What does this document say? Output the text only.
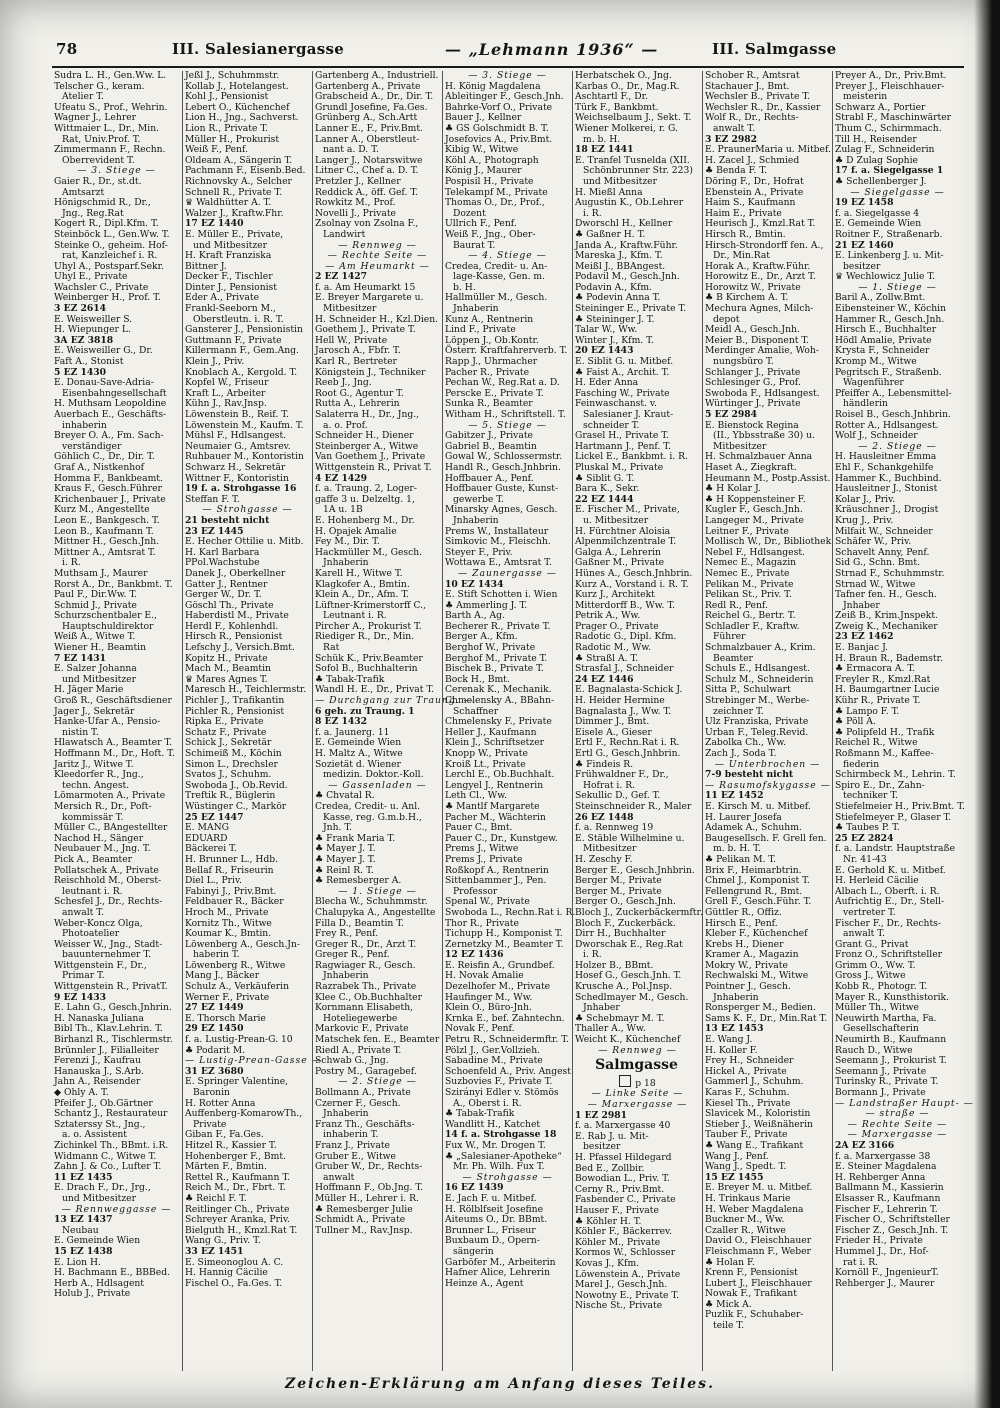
78	III. Salesianergasse	— „Lehmann 1936“ —	III. Salmgasse
Sudra L. H., Gen.Ww. L.
Telscher G., keram.
Atelier T.
Ufeatu S., Prof., Wehrin.
Wagner J., Lehrer
Wittmaier L., Dr., Min.
Rat, Univ.Prof. T.
Zimmermann F., Rechn.
Oberrevident T.
— 3. Stiege —
Gaier R., Dr., st.dt.
Amtsarzt
Hönigschmid R., Dr.,
Jng., Reg.Rat
Kogert R., Dipl.Kfm. T.
Steinböck L., Gen.Ww. T.
Steinke O., geheim. Hof-
rat, Kanzleichef i. R.
Uhyl A., Postsparf.Sekr.
Uhyl E., Private
Wachsler C., Private
Weinberger H., Prof. T.
3 EZ 2614
E. Weisweiller S.
H. Wiepunger L.
3A EZ 3818
E. Weisweiller G., Dr.
Faft A., Stonist
5 EZ 1430
E. Donau-Save-Adria-
Eisenbahngesellschaft
H. Muthsam Leopoldine
Auerbach E., Geschäfts-
inhaberin
Breyer O. A., Fm. Sach-
verständiger
Göhlich C., Dr., Dir. T.
Graf A., Nistkenhof
Homma F., Bankbeamt.
Kraus F., Gesch.Führer
Krichenbauer J., Private
Kurz M., Angestellte
Leon E., Bankgesch. T.
Leon B., Kaufmann T.
Mittner H., Gesch.Jnh.
Mittner A., Amtsrat T.
i. R.
Muthsam J., Maurer
Rorst A., Dr., Bankbmt. T.
Paul F., Dir.Ww. T.
Schmid J., Private
Schurzschentbaler E.,
Hauptschuldirektor
Weiß A., Witwe T.
Wiener H., Beamtin
7 EZ 1431
E. Salzer Johanna
und Mitbesitzer
H. Jäger Marie
Groß R., Geschäftsdiener
Jager J., Sekretär
Hanke-Ufar A., Pensio-
nistin T.
Hlawatsch A., Beamter T.
Hoffmann M., Dr., Hoft. T.
Jaritz J., Witwe T.
Kleedorfer R., Jng.,
techn. Angest.
Lömarmoten A., Private
Mersich R., Dr., Poft-
kommissär T.
Müller C., BAngestellter
Nachod H., Sänger
Neubauer M., Jng. T.
Pick A., Beamter
Pollatschek A., Private
Reischhold M., Oberst-
leutnant i. R.
Schesfel J., Dr., Rechts-
anwalt T.
Weber-Koncz Olga,
Photoatelier
Weisser W., Jng., Stadt-
bauunternehmer T.
Wittgenstein F., Dr.,
Primar T.
Wittgenstein R., PrivatT.
9 EZ 1433
E. Lahn G., Gesch.Jnhrin.
H. Nanaska Juliana
Bibl Th., Klav.Lehrin. T.
Birhanzl R., Tischlermstr.
Brünnler J., Filialleiter
Ferenzi J., Kaufrau
Hanauska J., S.Arb.
Jahn A., Reisender
◆ Ohly A. T.
Pfeifer J., Ob.Gärtner
Schantz J., Restaurateur
Sztaterssy St., Jng.,
a. o. Assistent
Zichinkel Th., BBmt. i.R.
Widmann C., Witwe T.
Zahn J. & Co., Lufter T.
11 EZ 1435
E. Drach F., Dr., Jrg.,
und Mitbesitzer
— Rennweggasse —
13 EZ 1437
Neubau
E. Gemeinde Wien
15 EZ 1438
E. Lion H.
H. Bachmann E., BBBed.
Herb A., Hdlsagent
Holub J., Private
Jeßl J., Schuhmmstr.
Kollab J., Hotelangest.
Kohl J., Pensionist
Lebert O., Küchenchef
Lion H., Jng., Sachverst.
Lion R., Private T.
Müller H., Prokurist
Weiß F., Penf.
Oldeam A., Sängerin T.
Pachmann F., Eisenb.Bed.
Richnovsky A., Selcher
Schnell R., Private T.
♛ Waldhütter A. T.
Walzer J., Kraftw.Fhr.
17 EZ 1440
E. Müller E., Private,
und Mitbesitzer
H. Kraft Franziska
Bittner J.
Decker F., Tischler
Dinter J., Pensionist
Eder A., Private
Frankl-Seeborn M.,
Oberstleutn. i. R. T.
Gansterer J., Pensionistin
Guttmann F., Private
Killermann F., Gem.Ang.
Klein J., Priv.
Knoblach A., Kergold. T.
Kopfel W., Friseur
Kraft L., Arbeiter
Kühn J., Rav.Jnsp.
Löwenstein B., Reif. T.
Löwenstein M., Kaufm. T.
Mühsl F., Hdlsangest.
Neumaier G., Amtsrev.
Ruhbauer M., Kontoristin
Schwarz H., Sekretär
Wittner F., Kontoristin
19 f. a. Strohgasse 16
Steffan F. T.
— Strohgasse —
21 besteht nicht
23 EZ 1445
E. Hecher Ottilie u. Mitb.
H. Karl Barbara
ΡΡol.Wachstube
Danek J., Oberkellner
Gatter J., Rentner
Gerger W., Dr. T.
Göschl Th., Private
Haberdistl M., Private
Herdl F., Kohlenhdl.
Hirsch R., Pensionist
Lefschy J., Versich.Bmt.
Kopitz H., Private
Mach M., Beamtin
♛ Mares Agnes T.
Maresch H., Teichlermstr.
Pichler J., Trafikantin
Pichler R., Pensionist
Ripka E., Private
Schatz F., Private
Schick J., Sekretär
Schimeiß M., Köchin
Simon L., Drechsler
Svatos J., Schuhm.
Swoboda J., Ob.Revid.
Treftik R., Büglerin
Wüstinger C., Markör
25 EZ 1447
E. MANG
EDUARD
Bäckerei T.
H. Brunner L., Hdb.
Bellaf R., Friseurin
Diel L., Priv.
Fabinyi J., Priv.Bmt.
Feldbauer R., Bäcker
Hroch M., Private
Kornitz Th., Witwe
Koumar K., Bmtin.
Löwenberg A., Gesch.Jn-
haberin T.
Löwenberg R., Witwe
Mang J., Bäcker
Schulz A., Verkäuferin
Werner F., Private
27 EZ 1449
E. Thorsch Marie
29 EZ 1450
f. a. Lustig-Prean-G. 10
♣ Podarit M.
— Lustig-Prean-Gasse —
31 EZ 3680
E. Springer Valentine,
Baronin
H. Rotter Anna
Auffenberg-KomarowTh.,
Private
Giban F., Fa.Ges.
Hitzel R., Kassier T.
Hohenberger F., Bmt.
Märten F., Bmtin.
Rettel R., Kaufmann T.
Reich M., Dr., Fbrt. T.
♣ Reichl F. T.
Reitlinger Ch., Private
Schreyer Aranka, Priv.
Bielguth H., Kmzl.Rat T.
Wang G., Priv. T.
33 EZ 1451
E. Simeonoglou A. C.
H. Hannig Cäcilie
Fischel O., Fa.Ges. T.
Gartenberg A., Industriell.
Gartenberg A., Private
Grabscheid A., Dr., Dir. T.
Grundl Josefine, Fa.Ges.
Grünberg A., Sch.Artt
Lanner E., F., Priv.Bmt.
Lanner A., Oberstleut-
nant a. D. T.
Langer J., Notarswitwe
Litner C., Chef a. D. T.
Pretzler J., Kellner
Reddick A., öff. Gef. T.
Rowkitz M., Prof.
Novelli J., Private
Zsolnay von Zsolna F.,
Landwirt
— Rennweg —
— Rechte Seite —
— Am Heumarkt —
2 EZ 1427
f. a. Am Heumarkt 15
E. Breyer Margarete u.
Mitbesitzer
H. Schneider H., Kzl.Dien.
Goethem J., Private T.
Hell W., Private
Jarosch A., Fbfr. T.
Karl R., Bertreter
Königstein J., Techniker
Reeb J., Jng.
Root G., Agentur T.
Rutta A., Lehrerin
Salaterra H., Dr., Jng.,
a. o. Prof.
Schneider H., Diener
Steinberger A., Witwe
Van Goethem J., Private
Wittgenstein R., Privat T.
4 EZ 1429
f. a. Traung. 2, Loger-
gaffe 3 u. Delzeltg. 1,
1A u. 1B
E. Hohenberg M., Dr.
H. Opajek Amalie
Fey M., Dir. T.
Hackmüller M., Gesch.
Jnhaberin
Karell H., Witwe T.
Klagkofer A., Bmtin.
Klein A., Dr., Afm. T.
Lüftner-Krimerstorff C.,
Leutnant i. R.
Pircher A., Prokurist T.
Riediger R., Dr., Min.
Rat
Schük K., Priv.Beamter
Sofol B., Buchhalterin
♣ Tabak-Trafik
Wandl H. E., Dr., Privat T.
— Durchgang zur Traung. —
6 geh. zu Traung. 1
8 EZ 1432
f. a. Jaunerg. 11
E. Gemeinde Wien
H. Maltz A., Witwe
Sozietät d. Wiener
medizin. Doktor.-Koll.
— Gassenladen —
♣ Chvatal R.
Credea, Credit- u. Anl.
Kasse, reg. G.m.b.H.,
Jnh. T.
♣ Frank Maria T.
♣ Mayer J. T.
♣ Mayer J. T.
♣ Reinl R. T.
♣ Remesberger A.
— 1. Stiege —
Blecha W., Schuhmmstr.
Chalupyka A., Angestellte
Filla D., Beamtin T.
Frey R., Penf.
Greger R., Dr., Arzt T.
Greger R., Penf.
Ragwiager R., Gesch.
Jnhaberin
Razrabek Th., Private
Klee C., Ob.Buchhalter
Kornmann Elisabeth,
Hoteliegewerbe
Markovic F., Private
Matschek fen. E., Beamter
Riedl A., Private T.
Schwab G., Jng.
Postry M., Garagebef.
— 2. Stiege —
Bollmann A., Private
Czerner F., Gesch.
Jnhaberin
Franz Th., Geschäfts-
inhaberin T.
Franz J., Private
Gruber E., Witwe
Gruber W., Dr., Rechts-
anwalt
Hoffmann F., Ob.Jng. T.
Müller H., Lehrer i. R.
♣ Remesberger Julie
Schmidt A., Private
Tullner M., Rav.Jnsp.
— 3. Stiege —
H. König Magdalena
Ableitinger F., Gesch.Jnh.
Bahrke-Vorf O., Private
Bauer J., Kellner
♣ GS Golschmidt B. T.
Josefovics A., Priv.Bmt.
Kibig W., Witwe
Köhl A., Photograph
König J., Maurer
Pospisil H., Private
Telekampf M., Private
Thomas O., Dr., Prof.,
Dozent
Ullrich F., Penf.
Weiß F., Jng., Ober-
Baurat T.
— 4. Stiege —
Credea, Credit- u. An-
lage-Kasse, Gen. m.
b. H.
Hallmüller M., Gesch.
Jnhaberin
Kunz A., Rentnerin
Lind F., Private
Löppen J., Ob.Kontr.
Österr. Kraftfahrerverb. T.
Rapp J., Uhrmacher
Pacher R., Private
Pechan W., Reg.Rat a. D.
Perscke E., Private T.
Sunka R., Beamter
Witham H., Schriftstell. T.
— 5. Stiege —
Gabitzer J., Private
Gabriel B., Beamtin
Gowal W., Schlossermstr.
Handl R., Gesch.Jnhbrin.
Hoffbauer A., Penf.
Hoffbauer Guste, Kunst-
gewerbe T.
Minarsky Agnes, Gesch.
Jnhaberin
Prems W., Installateur
Simkovic M., Fleischh.
Steyer F., Priv.
Wottawa E., Amtsrat T.
— Zaunergasse —
10 EZ 1434
E. Stift Schotten i. Wien
♣ Ammerling J. T.
Barth A., Ag.
Becherer R., Private T.
Berger A., Kfm.
Berghof W., Private
Berghof M., Private T.
Bischek B., Private T.
Bock H., Bmt.
Cerenak K., Mechanik.
Chmelensky A., BBahn-
Schaffner
Chmelensky F., Private
Heller J., Kaufmann
Klein J., Schriftsetzer
Knopp W., Private
Kroiß Lt., Private
Lerchl E., Ob.Buchhalt.
Lengyel J., Rentnerin
Leth Cl., Ww.
♣ Mantlf Margarete
Pacher M., Wächterin
Pauer C., Bmt.
Pauer C., Dr., Kunstgew.
Prems J., Witwe
Prems J., Private
Roßkopf A., Rentnerin
Sittenbammer J., Pen.
Professor
Spenal W., Private
Swoboda L., Rechn.Rat i. R.
Thor R., Private
Tichupp H., Komponist T.
Zernetzky M., Beamter T.
12 EZ 1436
E. Reisfin A., Grundbef.
H. Novak Amalie
Dezelhofer M., Private
Haufinger M., Ww.
Klein O., Büro-Jnh.
Krnka E., bef. Zahntechn.
Novak F., Penf.
Petru R., Schneidermftr. T.
Pölzl J., Ger.Vollzieh.
Sabadine M., Private
Schoenfeld A., Priv. Angest.
Suzbovies F., Private T.
Szirányi Edler v. Stömös
A., Oberst i. R.
♣ Tabak-Trafik
Wandlitt H., Katchet
14 f. a. Strohgasse 18
Fux W., Mr. Drogen T.
♣ „Salesianer-Apotheke“
Mr. Ph. Wilh. Fux T.
— Strohgasse —
16 EZ 1439
E. Jach F. u. Mitbef.
H. Rölblfseit Josefine
Aiteums O., Dr. BBmt.
Brunner L., Friseur
Buxbaum D., Opern-
sängerin
Garböfer M., Arbeiterin
Hafner Alice, Lehrerin
Heinze A., Agent
Herbatschek O., Jng.
Karbas O., Dr., Mag.R.
Aschtartl F., Dr.
Türk F., Bankbmt.
Weichselbaum J., Sekt. T.
Wiener Molkerei, r. G.
m. b. H.
18 EZ 1441
E. Tranfel Tusnelda (XII.
Schönbrunner Str. 223)
und Mitbesitzer
H. Mießl Anna
Augustin K., Ob.Lehrer
i. R.
Dworschl H., Kellner
♣ Gaßner H. T.
Janda A., Kraftw.Führ.
Mareska J., Kfm. T.
Meißl J., BBAngest.
Podavil M., Gesch.Jnh.
Podavin A., Kfm.
♣ Podevin Anna T.
Steininger E., Private T.
♣ Steininger J. T.
Talar W., Ww.
Winter J., Kfm. T.
20 EZ 1443
E. Siblit G. u. Mitbef.
♣ Faist A., Archit. T.
H. Eder Anna
Fasching W., Private
Feinwaschanst. v.
Salesianer J. Kraut-
schneider T.
Grasel H., Private T.
Hartmann J., Penf. T.
Lickel E., Bankbmt. i. R.
Pluskal M., Private
♣ Siblit G. T.
Bara K., Sekr.
22 EZ 1444
E. Fischer M., Private,
u. Mitbesitzer
H. Fürchtner Aloisia
Alpenmilchzentrale T.
Galga A., Lehrerin
Gaßner M., Private
Hünes A., Gesch.Jnhbrin.
Kurz A., Vorstand i. R. T.
Kurz J., Architekt
Mitterdorff B., Ww. T.
Petrik A., Ww.
Prager O., Private
Radotic G., Dipl. Kfm.
Radotic M., Ww.
♣ Straßl A. T.
Strasfal J., Schneider
24 EZ 1446
E. Bagnalasta-Schick J.
H. Heider Hermine
Bagnalasta J., Ww. T.
Dimmer J., Bmt.
Eisele A., Gieser
Ertl F., Rechn.Rat i. R.
Ertl G., Gesch.Jnhbrin.
♣ Findeis R.
Frühwaldner F., Dr.,
Hofrat i. R.
Sekullic D., Gef. T.
Steinschneider R., Maler
26 EZ 1448
f. a. Rennweg 19
E. Stäble Wilhelmine u.
Mitbesitzer
H. Zeschy F.
Berger E., Gesch.Jnhbrin.
Berger M., Private
Berger M., Private
Berger O., Gesch.Jnh.
Bloch J., Zuckerbäckermftr.
Bloch F., Zuckerbäck.
Dirr H., Buchhalter
Dworschak E., Reg.Rat
i. R.
Holzer B., BBmt.
Hosef G., Gesch.Jnh. T.
Krusche A., Pol.Jnsp.
Schedlmayer M., Gesch.
Jnhaber
♣ Schebmayr M. T.
Thaller A., Ww.
Weicht K., Küchenchef
— Rennweg —
Salmgasse
p 18
— Linke Seite —
— Marxergasse —
1 EZ 2981
f. a. Marxergasse 40
E. Rab J. u. Mit-
besitzer
H. Pfassel Hildegard
Bed E., Zollbir.
Bowodian L., Priv. T.
Cerny R., Priv.Bmt.
Fasbender C., Private
Hauser F., Private
♣ Köhler H. T.
Köhler F., Bäckerrev.
Köhler M., Private
Kormos W., Schlosser
Kovas J., Kfm.
Löwenstein A., Private
Marel J., Gesch.Jnh.
Nowotny E., Private T.
Nische St., Private
Schober R., Amtsrat
Stachauer J., Bmt.
Wechsler B., Private T.
Wechsler R., Dr., Kassier
Wolf R., Dr., Rechts-
anwalt T.
3 EZ 2982
E. PraunerMaria u. Mitbef.
H. Zacel J., Schmied
♣ Benda F. T.
Döring F., Dr., Hofrat
Ebenstein A., Private
Haim S., Kaufmann
Haim E., Private
Heurisch J., Kmzl.Rat T.
Hirsch R., Bmtin.
Hirsch-Strondorff fen. A.,
Dr., Min.Rat
Horak A., Kraftw.Führ.
Horowitz E., Dr., Arzt T.
Horowitz W., Private
♣ B Kirchem A. T.
Mechura Agnes, Milch-
depot
Meidl A., Gesch.Jnh.
Meier B., Disponent T.
Merdinger Amalie, Woh-
nungsbüro T.
Schlanger J., Private
Schlesinger G., Prof.
Swoboda F., Hdlsangest.
Würtinger J., Private
5 EZ 2984
E. Bienstock Regina
(II., Ybbsstraße 30) u.
Mitbesitzer
H. Schmalzbauer Anna
Haset A., Ziegkraft.
Heumann M., Postp.Assist.
♣ H Kolar J.
♣ H Koppensteiner F.
Kugler F., Gesch.Jnh.
Langeger M., Private
Leitner F., Private
Mollisch W., Dr., Bibliothek.
Nebel F., Hdlsangest.
Nemec E., Magazin
Nemec E., Private
Pelikan M., Private
Pelikan St., Priv. T.
Redl R., Penf.
Reichel G., Bertr. T.
Schladler F., Kraftw.
Führer
Schmalzbauer A., Krim.
Beamter
Schuls E., Hdlsangest.
Schulz M., Schneiderin
Sitta P., Schulwart
Strebinger M., Werbe-
zeichner T.
Ulz Franziska, Private
Urban F., Teleg.Revid.
Zabolka Ch., Ww.
Zach J., Soda T.
— Unterbrochen —
7-9 besteht nicht
— Rasumofskygasse —
11 EZ 1452
E. Kirsch M. u. Mitbef.
H. Laurer Josefa
Adamek A., Schuhm.
Baugesellsch. F. Grell fen.
m. b. H. T.
♣ Pelikan M. T.
Brix F., Heimarbtrin.
Chmel J., Komponist T.
Fellengrund R., Bmt.
Grell F., Gesch.Führ. T.
Güttler R., Offiz.
Hirsch E., Penf.
Kleber F., Küchenchef
Krebs H., Diener
Kramer A., Magazin
Mokry W., Private
Rechwalski M., Witwe
Pointner J., Gesch.
Jnhaberin
Ronsperger M., Bedien.
Sams K. F., Dr., Min.Rat T.
13 EZ 1453
E. Wang J.
H. Koller F.
Frey H., Schneider
Hickel A., Private
Gammerl J., Schuhm.
Karas F., Schuhm.
Kiesel Th., Private
Slavicek M., Koloristin
Stieber J., Weißnäherin
Tauber F., Private
♣ Wang E., Trafikant
Wang J., Penf.
Wang J., Spedt. T.
15 EZ 1455
E. Breyer M. u. Mitbef.
H. Trinkaus Marie
H. Weber Magdalena
Buckner M., Ww.
Czaller R., Witwe
David O., Fleischhauer
Fleischmann F., Weber
♣ Holan F.
Krenn F., Pensionist
Lubert J., Fleischhauer
Nowak F., Trafikant
♣ Mick A.
Puzlik F., Schuhaber-
teile T.
Preyer A., Dr., Priv.Bmt.
Preyer J., Fleischhauer-
meisterin
Schwarz A., Portier
Strabl F., Maschinwärter
Thum C., Schirmmach.
Till H., Reisender
Zulag F., Schneiderin
♣ D Zulag Sophie
17 f. a. Siegelgasse 1
♣ Schellenberger J.
— Siegelgasse —
19 EZ 1458
f. a. Siegelgasse 4
E. Gemeinde Wien
Roitner F., Straßenarb.
21 EZ 1460
E. Linkenberg J. u. Mit-
besitzer
♛ Wechlowicz Julie T.
— 1. Stiege —
Baril A., Zollw.Bmt.
Eibensteiner W., Köchin
Hammer R., Gesch.Jnh.
Hirsch E., Buchhalter
Hödl Amalie, Private
Krysta F., Schneider
Kromp M., Witwe
Pegritsch F., Straßenb.
Wagenführer
Pfeiffer A., Lebensmittel-
händlerin
Roisel B., Gesch.Jnhbrin.
Rotter A., Hdlsangest.
Wolf J., Schneider
— 2. Stiege —
H. Hausleitner Emma
Ehl F., Schankgehilfe
Hammer K., Buchbind.
Hausleitner J., Stonist
Kolar J., Priv.
Kräuschner J., Drogist
Krug J., Priv.
Milfait W., Schneider
Schäfer W., Priv.
Schavelt Anny, Penf.
Sid G., Schn. Bmt.
Strnad F., Schuhmmstr.
Strnad W., Witwe
Tafner fen. H., Gesch.
Jnhaber
Zeiß B., Krim.Jnspekt.
Zweig K., Mechaniker
23 EZ 1462
E. Banjac J.
H. Braun R., Bademstr.
♣ Ermacora A. T.
Freyler R., Kmzl.Rat
H. Baumgartner Lucie
Kühr R., Private T.
♣ Lampo F. T.
♣ Pöll A.
♣ Polipfeld H., Trafik
Reichel R., Witwe
Roßmann M., Kaffee-
fiederin
Schirmbeck M., Lehrin. T.
Spiro E., Dr., Zahn-
techniker T.
Stiefelmeier H., Priv.Bmt. T.
Stiefelmeyer P., Glaser T.
♣ Taubes P. T.
25 EZ 2824
f. a. Landstr. Hauptstraße
Nr. 41-43
E. Gerhold K. u. Mitbef.
H. Herleid Cäcilie
Albach L., Oberft. i. R.
Aufrichtig E., Dr., Stell-
vertreter T.
Fischer F., Dr., Rechts-
anwalt T.
Grant G., Privat
Fronz O., Schriftsteller
Grimm O., Ww. T.
Gross J., Witwe
Kobb R., Photogr. T.
Mayer R., Kunsthistorik.
Müller Th., Witwe
Neuwirth Martha, Fa.
Gesellschafterin
Neumirth B., Kaufmann
Rauch D., Witwe
Seemann J., Prokurist T.
Seemann J., Private
Turinsky R., Private T.
Bormann J., Private
— Landstraßer Haupt- —
— straße —
— Rechte Seite —
— Marxergasse —
2A EZ 3166
f. a. Marxergasse 38
E. Steiner Magdalena
H. Rehberger Anna
Ballmann M., Kassierin
Elsasser R., Kaufmann
Fischer F., Lehrerin T.
Fischer O., Schriftsteller
Fischer Z., Gesch.Jnh. T.
Frieder H., Private
Hummel J., Dr., Hof-
rat i. R.
Kornöll F., JngenieurT.
Rehberger J., Maurer
Zeichen-Erklärung am Anfang dieses Teiles.
